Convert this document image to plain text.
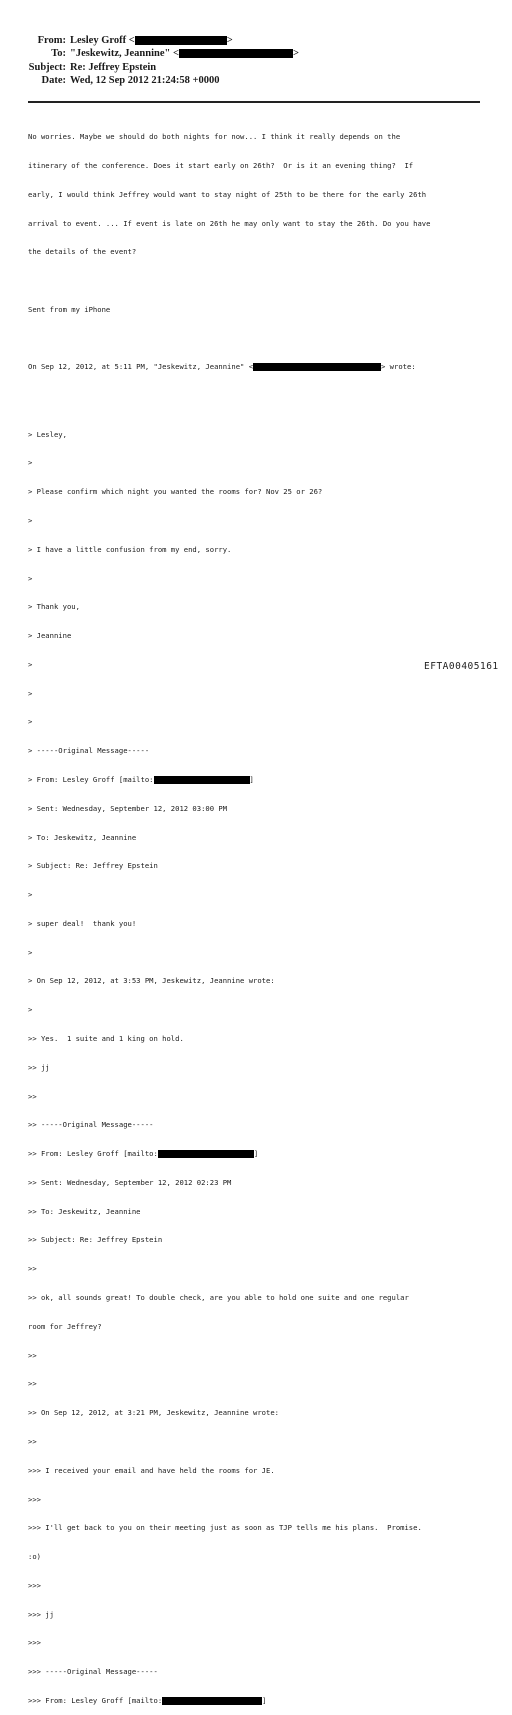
From: Lesley Groff <	>
To: "Jeskewitz, Jeannine" <	>
Subject: Re: Jeffrey Epstein
Date: Wed, 12 Sep 2012 21:24:58 +0000

No worries. Maybe we should do both nights for now... I think it really depends on the

itinerary of the conference. Does it start early on 26th?  Or is it an evening thing?  If

early, I would think Jeffrey would want to stay night of 25th to be there for the early 26th

arrival to event. ... If event is late on 26th he may only want to stay the 26th. Do you have

the details of the event?

Sent from my iPhone

On Sep 12, 2012, at 5:11 PM, "Jeskewitz, Jeannine" <	> wrote:

> Lesley,

>

> Please confirm which night you wanted the rooms for? Nov 25 or 26?

>

> I have a little confusion from my end, sorry.

>

> Thank you,

> Jeannine

>

>

>

> -----Original Message-----

> From: Lesley Groff [mailto:	]

> Sent: Wednesday, September 12, 2012 03:00 PM

> To: Jeskewitz, Jeannine

> Subject: Re: Jeffrey Epstein

>

> super deal!  thank you!

>

> On Sep 12, 2012, at 3:53 PM, Jeskewitz, Jeannine wrote:

>

>> Yes.  1 suite and 1 king on hold.

>> jj

>>

>> -----Original Message-----

>> From: Lesley Groff [mailto:	]

>> Sent: Wednesday, September 12, 2012 02:23 PM

>> To: Jeskewitz, Jeannine

>> Subject: Re: Jeffrey Epstein

>>

>> ok, all sounds great! To double check, are you able to hold one suite and one regular

room for Jeffrey?

>>

>>

>> On Sep 12, 2012, at 3:21 PM, Jeskewitz, Jeannine wrote:

>>

>>> I received your email and have held the rooms for JE.

>>>

>>> I'll get back to you on their meeting just as soon as TJP tells me his plans.  Promise.

:o)

>>>

>>> jj

>>>

>>> -----Original Message-----

>>> From: Lesley Groff [mailto:	]

EFTA00405161
